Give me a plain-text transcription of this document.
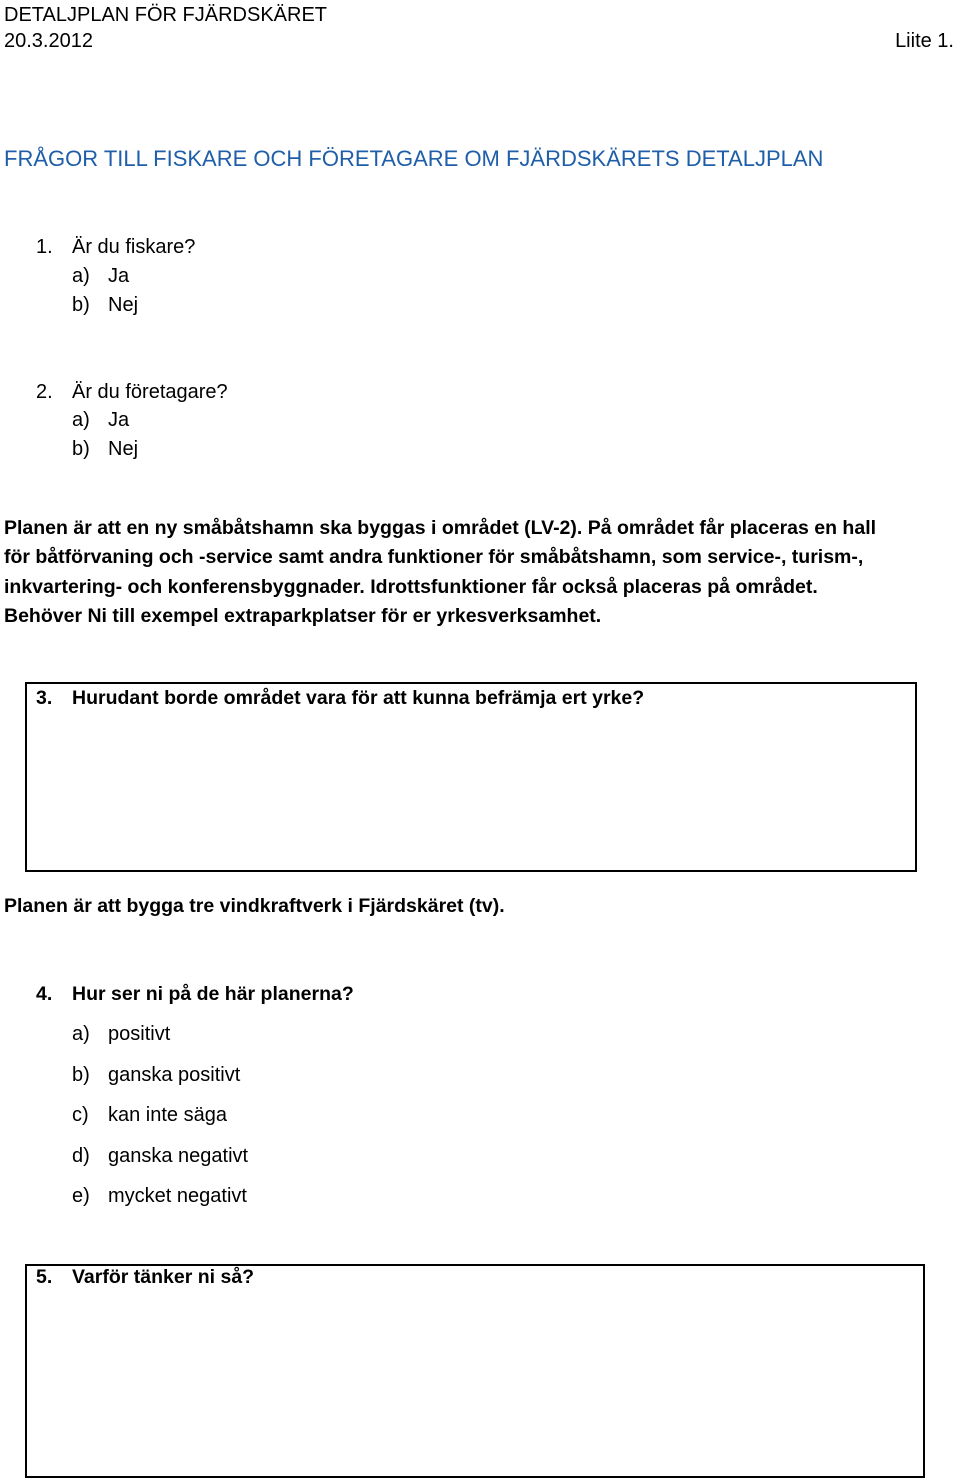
DETALJPLAN FÖR FJÄRDSKÄRET
20.3.2012	Liite 1.
FRÅGOR TILL FISKARE OCH FÖRETAGARE OM FJÄRDSKÄRETS DETALJPLAN
1. Är du fiskare?
a) Ja
b) Nej
2. Är du företagare?
a) Ja
b) Nej
Planen är att en ny småbåtshamn ska byggas i området (LV-2). På området får placeras en hall
för båtförvaning och -service samt andra funktioner för småbåtshamn, som service-, turism-,
inkvartering- och konferensbyggnader. Idrottsfunktioner får också placeras på området.
Behöver Ni till exempel extraparkplatser för er yrkesverksamhet.
3. Hurudant borde området vara för att kunna befrämja ert yrke?
Planen är att bygga tre vindkraftverk i Fjärdskäret (tv).
4. Hur ser ni på de här planerna?
a) positivt
b) ganska positivt
c) kan inte säga
d) ganska negativt
e) mycket negativt
5. Varför tänker ni så?
